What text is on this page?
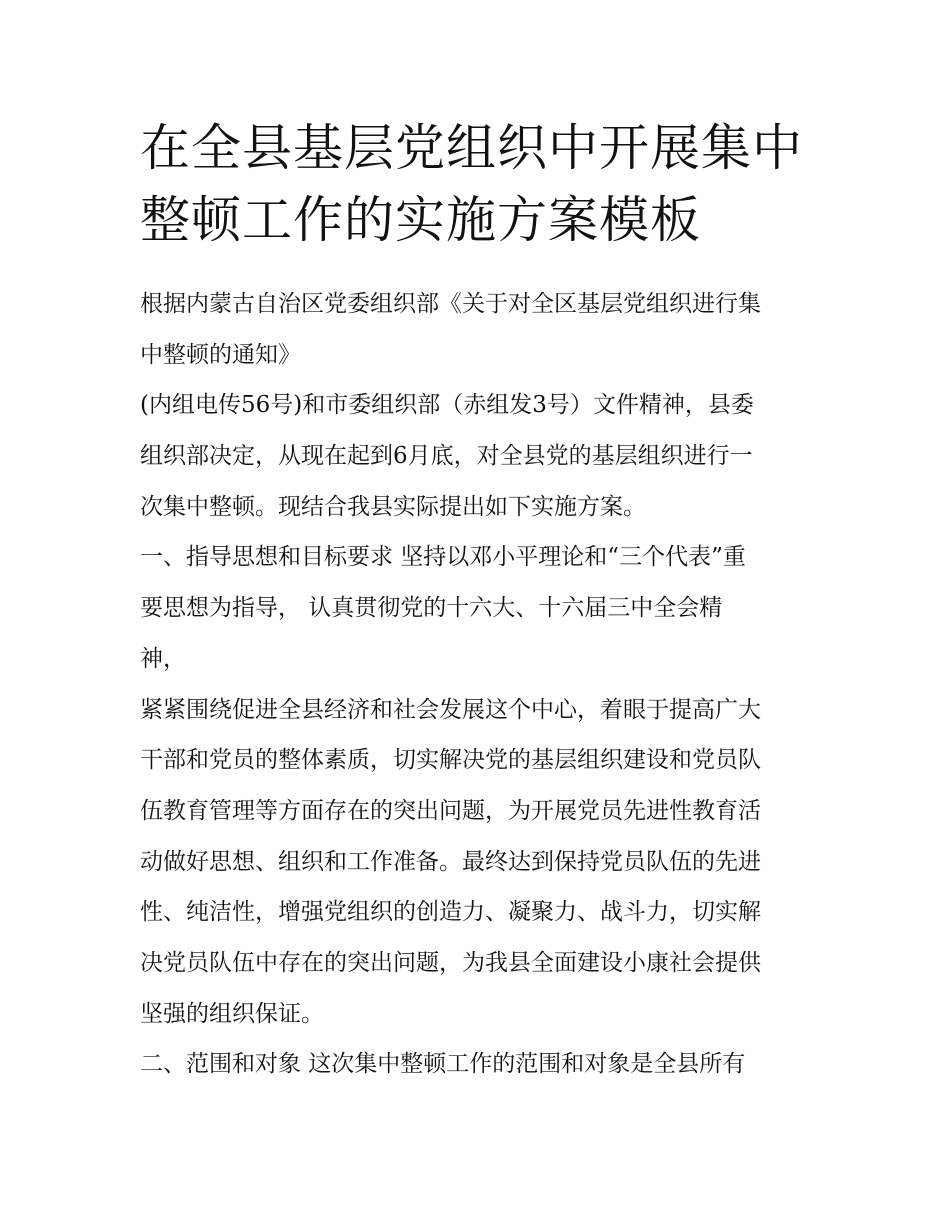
在全县基层党组织中开展集中
整顿工作的实施方案模板
根据内蒙古自治区党委组织部《关于对全区基层党组织进行集
中整顿的通知》
(内组电传56号)和市委组织部（赤组发3号）文件精神，县委
组织部决定，从现在起到6月底，对全县党的基层组织进行一
次集中整顿。现结合我县实际提出如下实施方案。
一、指导思想和目标要求 坚持以邓小平理论和“三个代表”重
要思想为指导， 认真贯彻党的十六大、十六届三中全会精
神，
紧紧围绕促进全县经济和社会发展这个中心，着眼于提高广大
干部和党员的整体素质，切实解决党的基层组织建设和党员队
伍教育管理等方面存在的突出问题，为开展党员先进性教育活
动做好思想、组织和工作准备。最终达到保持党员队伍的先进
性、纯洁性，增强党组织的创造力、凝聚力、战斗力，切实解
决党员队伍中存在的突出问题，为我县全面建设小康社会提供
坚强的组织保证。
二、范围和对象 这次集中整顿工作的范围和对象是全县所有
